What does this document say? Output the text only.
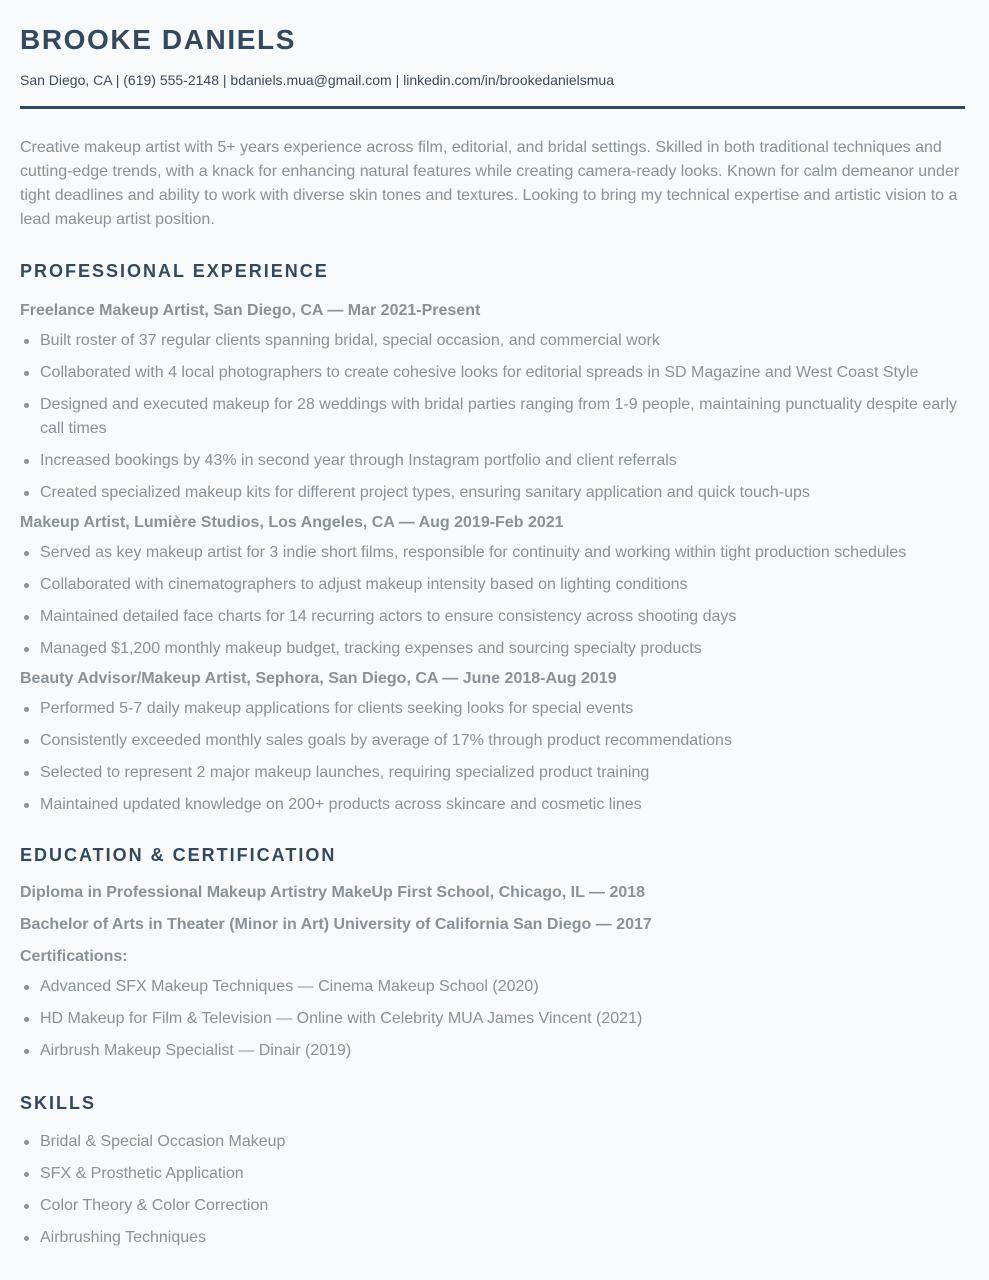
BROOKE DANIELS
San Diego, CA | (619) 555-2148 | bdaniels.mua@gmail.com | linkedin.com/in/brookedanielsmua

Creative makeup artist with 5+ years experience across film, editorial, and bridal settings. Skilled in both traditional techniques and cutting-edge trends, with a knack for enhancing natural features while creating camera-ready looks. Known for calm demeanor under tight deadlines and ability to work with diverse skin tones and textures. Looking to bring my technical expertise and artistic vision to a lead makeup artist position.

PROFESSIONAL EXPERIENCE
Freelance Makeup Artist, San Diego, CA — Mar 2021-Present
Built roster of 37 regular clients spanning bridal, special occasion, and commercial work
Collaborated with 4 local photographers to create cohesive looks for editorial spreads in SD Magazine and West Coast Style
Designed and executed makeup for 28 weddings with bridal parties ranging from 1-9 people, maintaining punctuality despite early call times
Increased bookings by 43% in second year through Instagram portfolio and client referrals
Created specialized makeup kits for different project types, ensuring sanitary application and quick touch-ups
Makeup Artist, Lumière Studios, Los Angeles, CA — Aug 2019-Feb 2021
Served as key makeup artist for 3 indie short films, responsible for continuity and working within tight production schedules
Collaborated with cinematographers to adjust makeup intensity based on lighting conditions
Maintained detailed face charts for 14 recurring actors to ensure consistency across shooting days
Managed $1,200 monthly makeup budget, tracking expenses and sourcing specialty products
Beauty Advisor/Makeup Artist, Sephora, San Diego, CA — June 2018-Aug 2019
Performed 5-7 daily makeup applications for clients seeking looks for special events
Consistently exceeded monthly sales goals by average of 17% through product recommendations
Selected to represent 2 major makeup launches, requiring specialized product training
Maintained updated knowledge on 200+ products across skincare and cosmetic lines
EDUCATION & CERTIFICATION
Diploma in Professional Makeup Artistry MakeUp First School, Chicago, IL — 2018
Bachelor of Arts in Theater (Minor in Art) University of California San Diego — 2017
Certifications:
Advanced SFX Makeup Techniques — Cinema Makeup School (2020)
HD Makeup for Film & Television — Online with Celebrity MUA James Vincent (2021)
Airbrush Makeup Specialist — Dinair (2019)
SKILLS
Bridal & Special Occasion Makeup
SFX & Prosthetic Application
Color Theory & Color Correction
Airbrushing Techniques
